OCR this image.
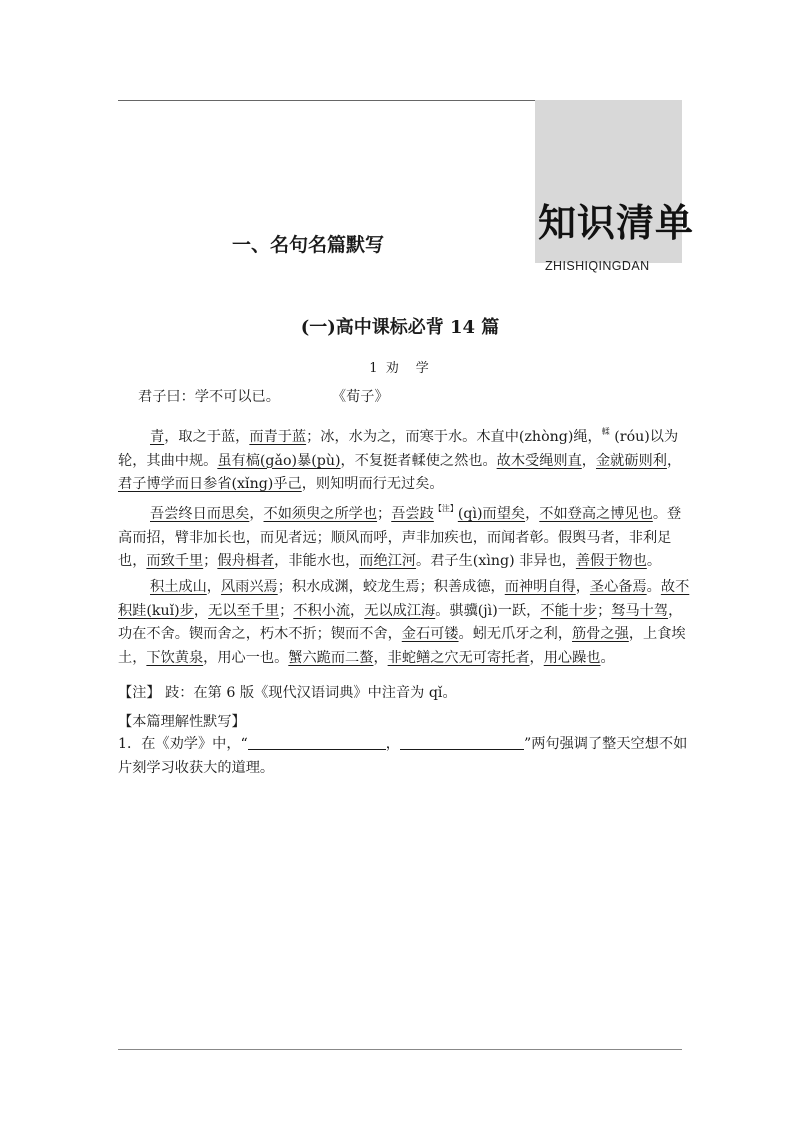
知识清单
ZHISHIQINGDAN
一、名句名篇默写
(一)高中课标必背 14 篇
1 劝　学
君子曰：学不可以已。	《荀子》
青，取之于蓝，而青于蓝；冰，水为之，而寒于水。木直中(zhòng)绳，$^輮$ (róu)以为轮，其曲中规。虽有槁(gǎo)暴(pù)，不复挺者輮使之然也。故木受绳则直，金就砺则利，君子博学而日参省(xǐng)乎己，则知明而行无过矣。
吾尝终日而思矣，不如须臾之所学也；吾尝跂$^{【注】}$(qì)而望矣，不如登高之博见也。登高而招，臂非加长也，而见者远；顺风而呼，声非加疾也，而闻者彰。假舆马者，非利足也，而致千里；假舟楫者，非能水也，而绝江河。君子生(xìng) 非异也，善假于物也。
积土成山，风雨兴焉；积水成渊，蛟龙生焉；积善成德，而神明自得，圣心备焉。故不积跬(kuǐ)步，无以至千里；不积小流，无以成江海。骐骥(jì)一跃，不能十步；驽马十驾，功在不舍。锲而舍之，朽木不折；锲而不舍，金石可镂。蚓无爪牙之利，筋骨之强，上食埃土，下饮黄泉，用心一也。蟹六跪而二螯，非蛇鳝之穴无可寄托者，用心躁也。
【注】 跂：在第 6 版《现代汉语词典》中注音为 qǐ。
【本篇理解性默写】
1．在《劝学》中，“	，	”两句强调了整天空想不如片刻学习收获大的道理。
